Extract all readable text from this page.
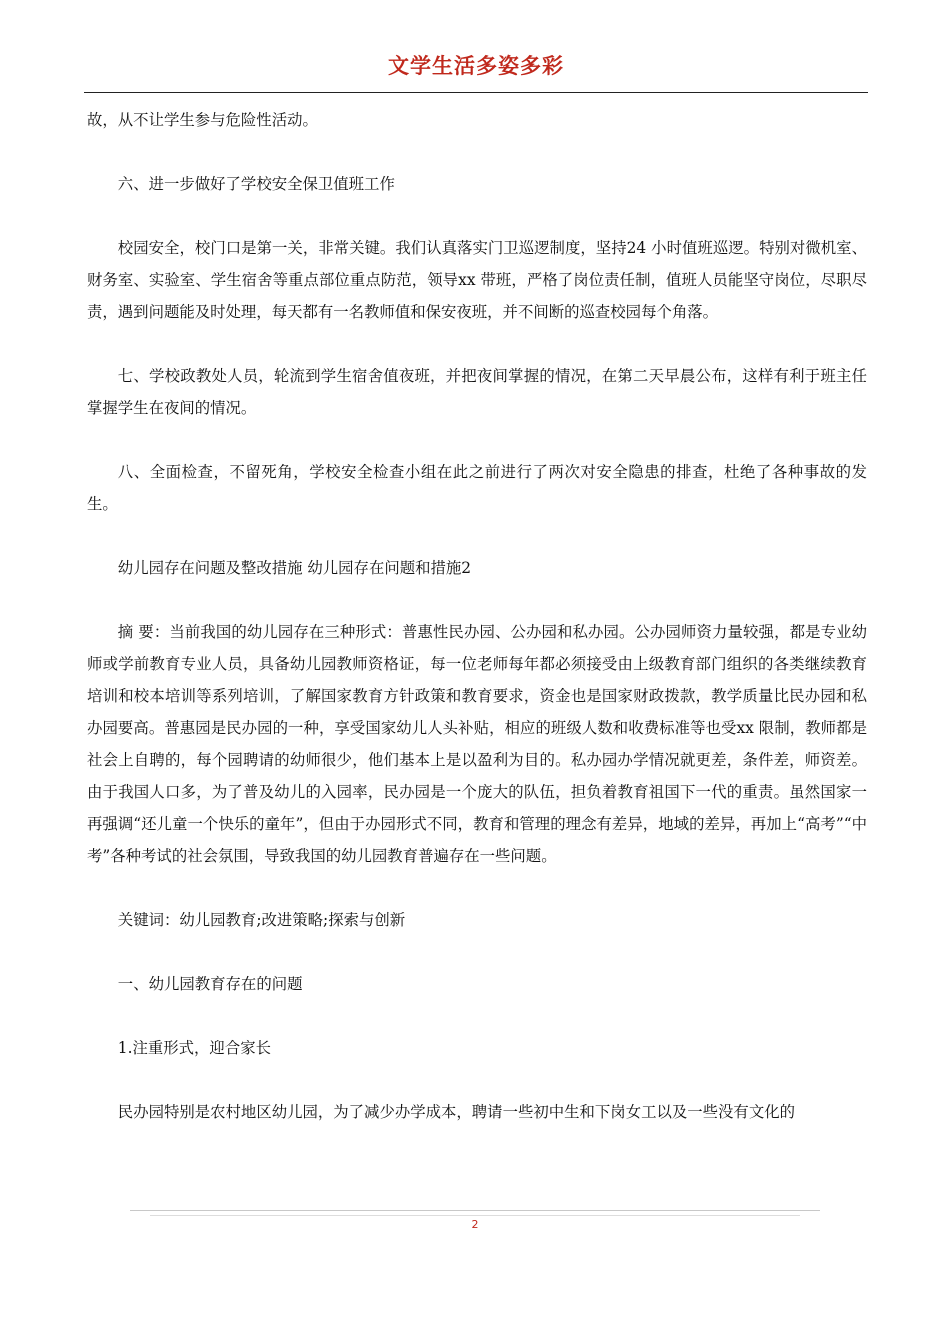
文学生活多姿多彩

故，从不让学生参与危险性活动。

六、进一步做好了学校安全保卫值班工作

校园安全，校门口是第一关，非常关键。我们认真落实门卫巡逻制度，坚持24 小时值班巡逻。特别对微机室、财务室、实验室、学生宿舍等重点部位重点防范，领导xx 带班，严格了岗位责任制，值班人员能坚守岗位，尽职尽责，遇到问题能及时处理，每天都有一名教师值和保安夜班，并不间断的巡查校园每个角落。

七、学校政教处人员，轮流到学生宿舍值夜班，并把夜间掌握的情况，在第二天早晨公布，这样有利于班主任掌握学生在夜间的情况。

八、全面检查，不留死角，学校安全检查小组在此之前进行了两次对安全隐患的排查，杜绝了各种事故的发生。

幼儿园存在问题及整改措施 幼儿园存在问题和措施2

摘 要：当前我国的幼儿园存在三种形式：普惠性民办园、公办园和私办园。公办园师资力量较强，都是专业幼师或学前教育专业人员，具备幼儿园教师资格证，每一位老师每年都必须接受由上级教育部门组织的各类继续教育培训和校本培训等系列培训，了解国家教育方针政策和教育要求，资金也是国家财政拨款，教学质量比民办园和私办园要高。普惠园是民办园的一种，享受国家幼儿人头补贴，相应的班级人数和收费标准等也受xx 限制，教师都是社会上自聘的，每个园聘请的幼师很少，他们基本上是以盈利为目的。私办园办学情况就更差，条件差，师资差。由于我国人口多，为了普及幼儿的入园率，民办园是一个庞大的队伍，担负着教育祖国下一代的重责。虽然国家一再强调“还儿童一个快乐的童年”，但由于办园形式不同，教育和管理的理念有差异，地域的差异，再加上“高考”“中考”各种考试的社会氛围，导致我国的幼儿园教育普遍存在一些问题。

关键词：幼儿园教育;改进策略;探索与创新

一、幼儿园教育存在的问题

1.注重形式，迎合家长

民办园特别是农村地区幼儿园，为了减少办学成本，聘请一些初中生和下岗女工以及一些没有文化的

2
